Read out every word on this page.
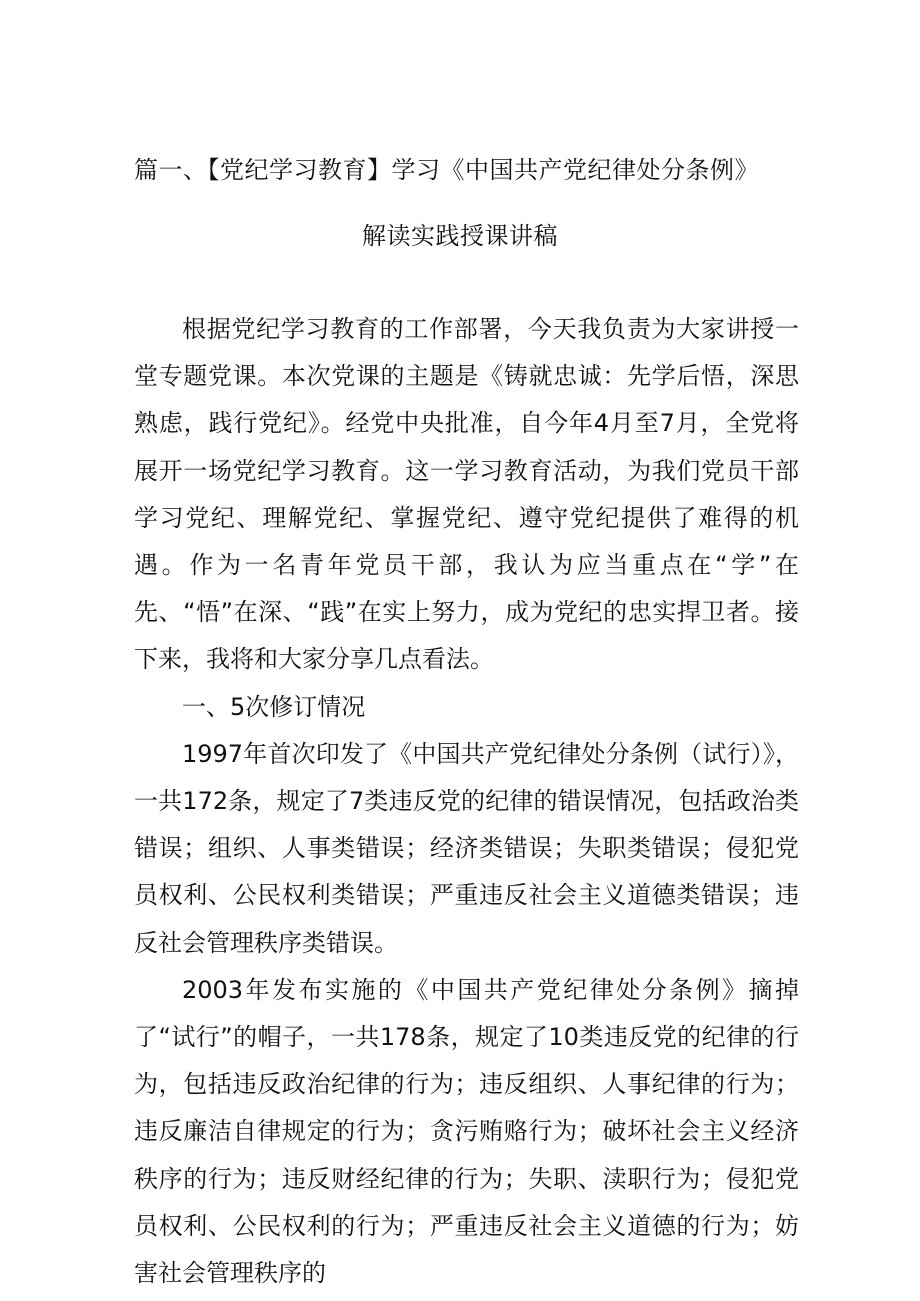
篇一、【党纪学习教育】学习《中国共产党纪律处分条例》
解读实践授课讲稿

根据党纪学习教育的工作部署，今天我负责为大家讲授一堂专题党课。本次党课的主题是《铸就忠诚：先学后悟，深思熟虑，践行党纪》。经党中央批准，自今年4月至7月，全党将展开一场党纪学习教育。这一学习教育活动，为我们党员干部学习党纪、理解党纪、掌握党纪、遵守党纪提供了难得的机遇。作为一名青年党员干部，我认为应当重点在“学”在先、“悟”在深、“践”在实上努力，成为党纪的忠实捍卫者。接下来，我将和大家分享几点看法。

一、5次修订情况

1997年首次印发了《中国共产党纪律处分条例（试行）》，一共172条，规定了7类违反党的纪律的错误情况，包括政治类错误；组织、人事类错误；经济类错误；失职类错误；侵犯党员权利、公民权利类错误；严重违反社会主义道德类错误；违反社会管理秩序类错误。

2003年发布实施的《中国共产党纪律处分条例》摘掉了“试行”的帽子，一共178条，规定了10类违反党的纪律的行为，包括违反政治纪律的行为；违反组织、人事纪律的行为；违反廉洁自律规定的行为；贪污贿赂行为；破坏社会主义经济秩序的行为；违反财经纪律的行为；失职、渎职行为；侵犯党员权利、公民权利的行为；严重违反社会主义道德的行为；妨害社会管理秩序的
